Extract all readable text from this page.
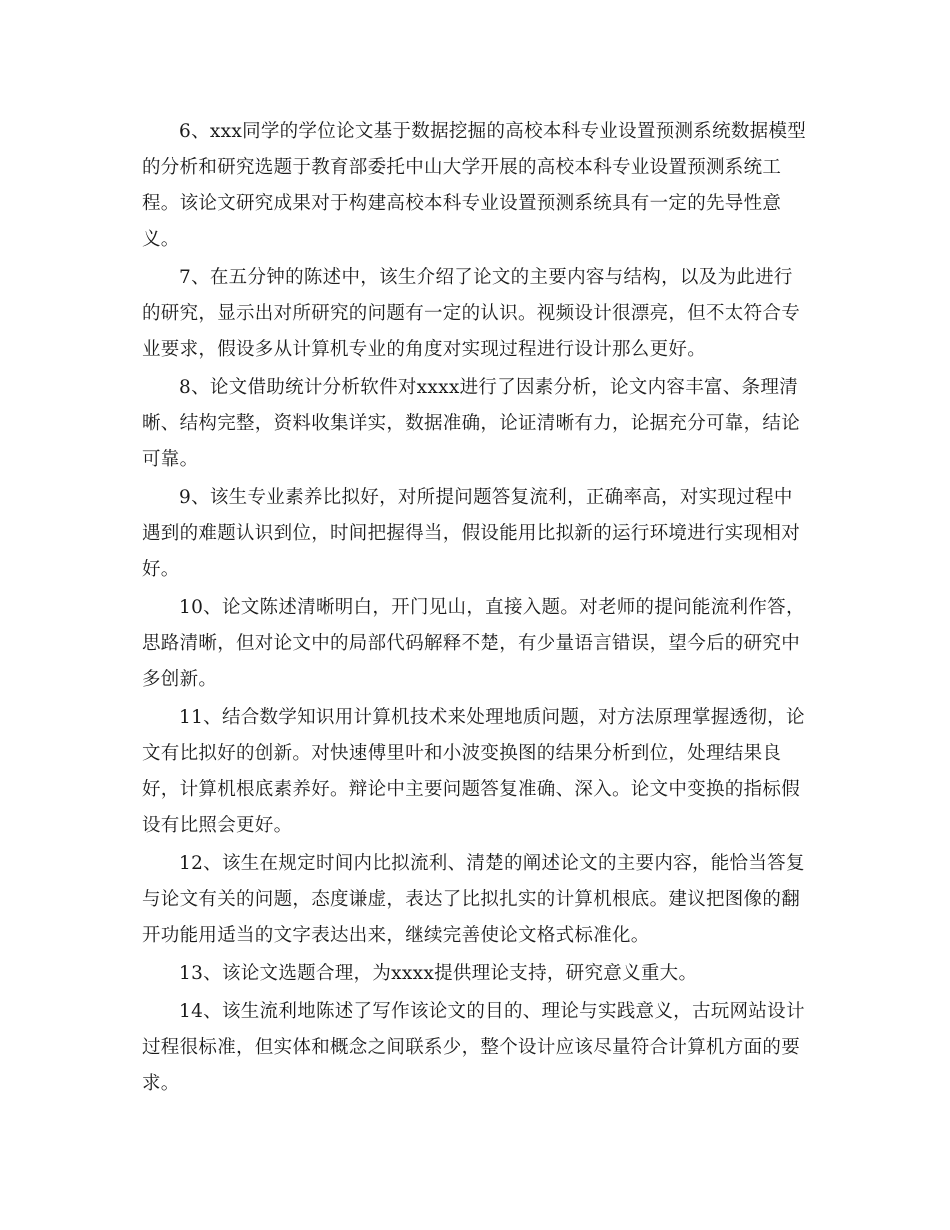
6、xxx同学的学位论文基于数据挖掘的高校本科专业设置预测系统数据模型的分析和研究选题于教育部委托中山大学开展的高校本科专业设置预测系统工程。该论文研究成果对于构建高校本科专业设置预测系统具有一定的先导性意义。

7、在五分钟的陈述中，该生介绍了论文的主要内容与结构，以及为此进行的研究，显示出对所研究的问题有一定的认识。视频设计很漂亮，但不太符合专业要求，假设多从计算机专业的角度对实现过程进行设计那么更好。

8、论文借助统计分析软件对xxxx进行了因素分析，论文内容丰富、条理清晰、结构完整，资料收集详实，数据准确，论证清晰有力，论据充分可靠，结论可靠。

9、该生专业素养比拟好，对所提问题答复流利，正确率高，对实现过程中遇到的难题认识到位，时间把握得当，假设能用比拟新的运行环境进行实现相对好。

10、论文陈述清晰明白，开门见山，直接入题。对老师的提问能流利作答，思路清晰，但对论文中的局部代码解释不楚，有少量语言错误，望今后的研究中多创新。

11、结合数学知识用计算机技术来处理地质问题，对方法原理掌握透彻，论文有比拟好的创新。对快速傅里叶和小波变换图的结果分析到位，处理结果良好，计算机根底素养好。辩论中主要问题答复准确、深入。论文中变换的指标假设有比照会更好。

12、该生在规定时间内比拟流利、清楚的阐述论文的主要内容，能恰当答复与论文有关的问题，态度谦虚，表达了比拟扎实的计算机根底。建议把图像的翻开功能用适当的文字表达出来，继续完善使论文格式标准化。

13、该论文选题合理，为xxxx提供理论支持，研究意义重大。

14、该生流利地陈述了写作该论文的目的、理论与实践意义，古玩网站设计过程很标准，但实体和概念之间联系少，整个设计应该尽量符合计算机方面的要求。
